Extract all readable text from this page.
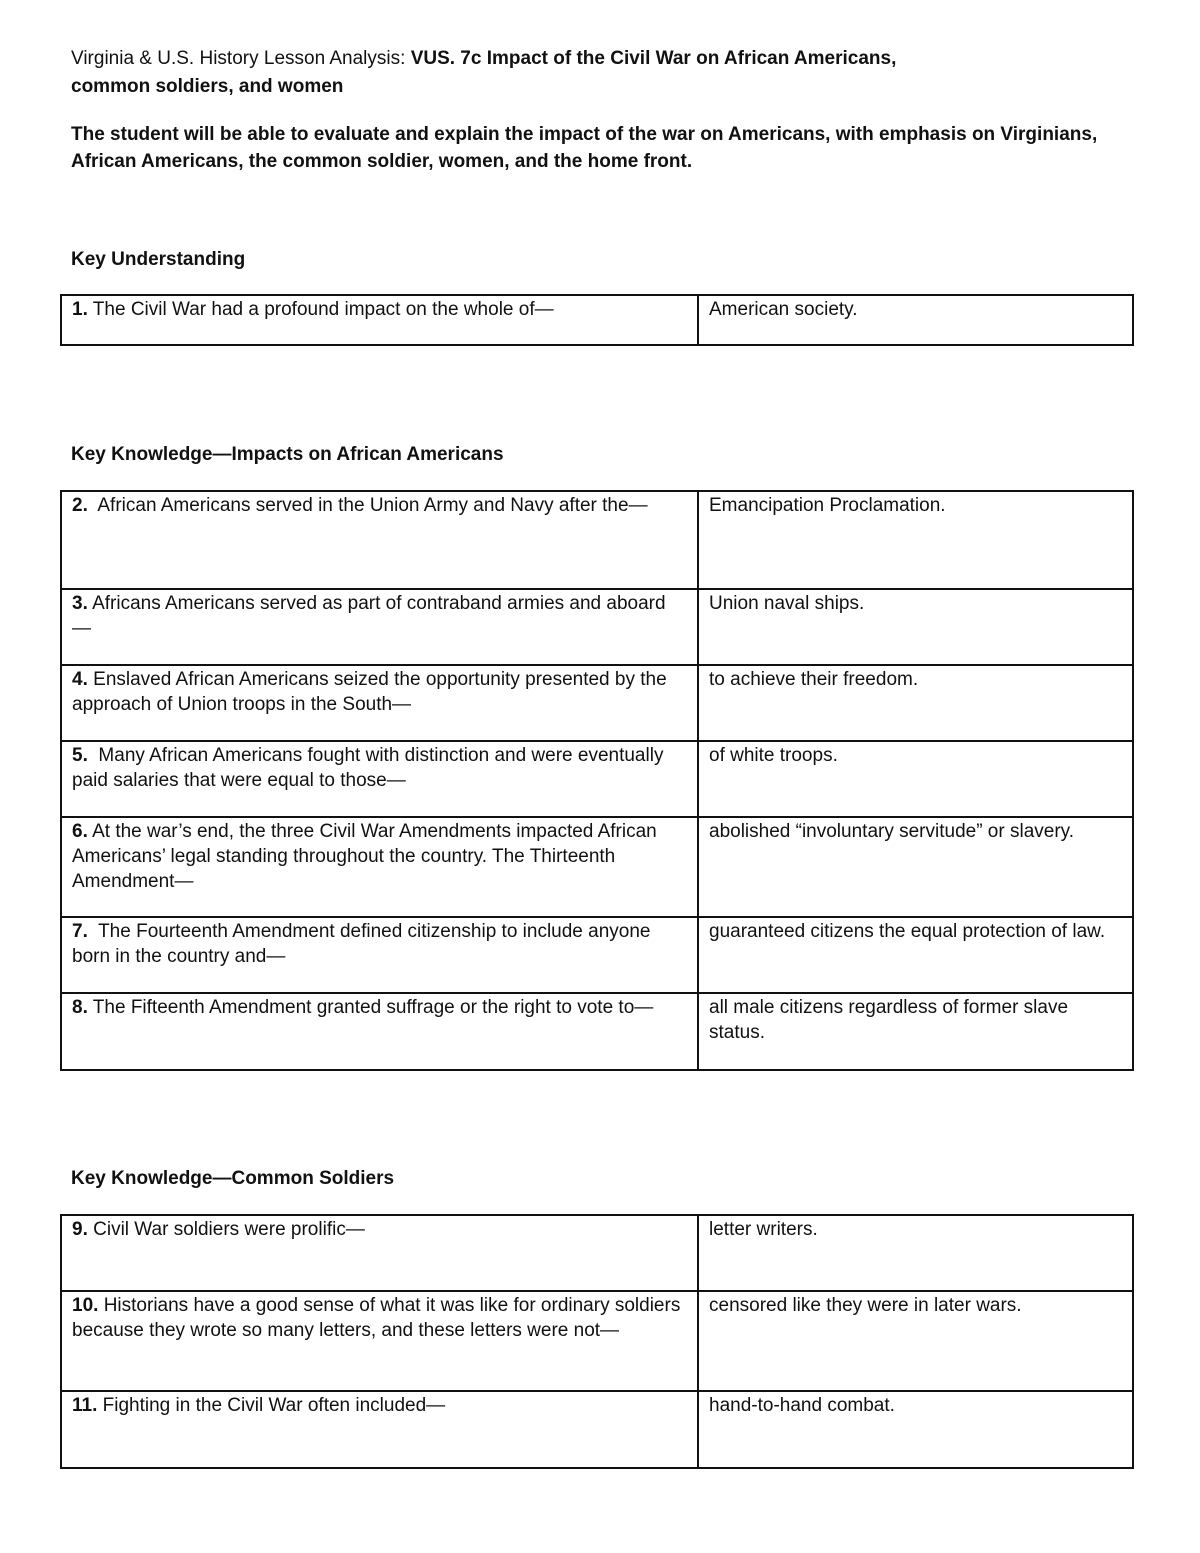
Virginia & U.S. History Lesson Analysis: VUS. 7c Impact of the Civil War on African Americans,
common soldiers, and women
The student will be able to evaluate and explain the impact of the war on Americans, with emphasis on Virginians, African Americans, the common soldier, women, and the home front.
Key Understanding
1. The Civil War had a profound impact on the whole of—	American society.
Key Knowledge—Impacts on African Americans
2. African Americans served in the Union Army and Navy after the—	Emancipation Proclamation.
3. Africans Americans served as part of contraband armies and aboard —	Union naval ships.
4. Enslaved African Americans seized the opportunity presented by the approach of Union troops in the South—	to achieve their freedom.
5. Many African Americans fought with distinction and were eventually paid salaries that were equal to those—	of white troops.
6. At the war’s end, the three Civil War Amendments impacted African Americans’ legal standing throughout the country. The Thirteenth Amendment—	abolished “involuntary servitude” or slavery.
7. The Fourteenth Amendment defined citizenship to include anyone born in the country and—	guaranteed citizens the equal protection of law.
8. The Fifteenth Amendment granted suffrage or the right to vote to—	all male citizens regardless of former slave status.
Key Knowledge—Common Soldiers
9. Civil War soldiers were prolific—	letter writers.
10. Historians have a good sense of what it was like for ordinary soldiers because they wrote so many letters, and these letters were not—	censored like they were in later wars.
11. Fighting in the Civil War often included—	hand-to-hand combat.
